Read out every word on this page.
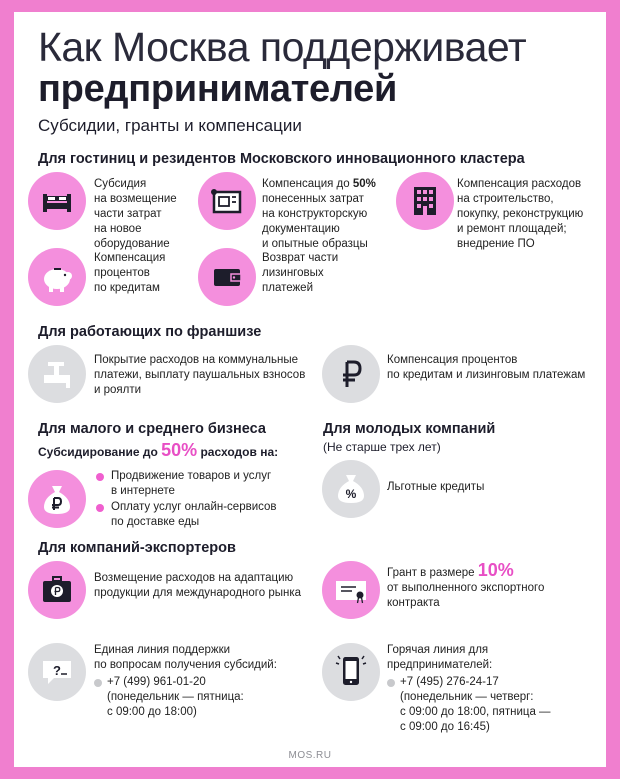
Как Москва поддерживает
предпринимателей
Субсидии, гранты и компенсации
Для гостиниц и резидентов Московского инновационного кластера
Субсидия
на возмещение
части затрат
на новое
оборудование
Компенсация до 50%
понесенных затрат
на конструкторскую
документацию
и опытные образцы
Компенсация расходов
на строительство,
покупку, реконструкцию
и ремонт площадей;
внедрение ПО
Компенсация
процентов
по кредитам
Возврат части
лизинговых
платежей
Для работающих по франшизе
Покрытие расходов на коммунальные
платежи, выплату паушальных взносов
и роялти
Компенсация процентов
по кредитам и лизинговым платежам
Для малого и среднего бизнеса
Субсидирование до 50% расходов на:
Продвижение товаров и услуг
в интернете
Оплату услуг онлайн-сервисов
по доставке еды
Для молодых компаний
(Не старше трех лет)
%	Льготные кредиты
Для компаний-экспортеров
Возмещение расходов на адаптацию
продукции для международного рынка
Грант в размере 10%
от выполненного экспортного
контракта
?
Единая линия поддержки
по вопросам получения субсидий:
+7 (499) 961-01-20
(понедельник — пятница:
с 09:00 до 18:00)
Горячая линия для
предпринимателей:
+7 (495) 276-24-17
(понедельник — четверг:
с 09:00 до 18:00, пятница —
с 09:00 до 16:45)
MOS.RU
